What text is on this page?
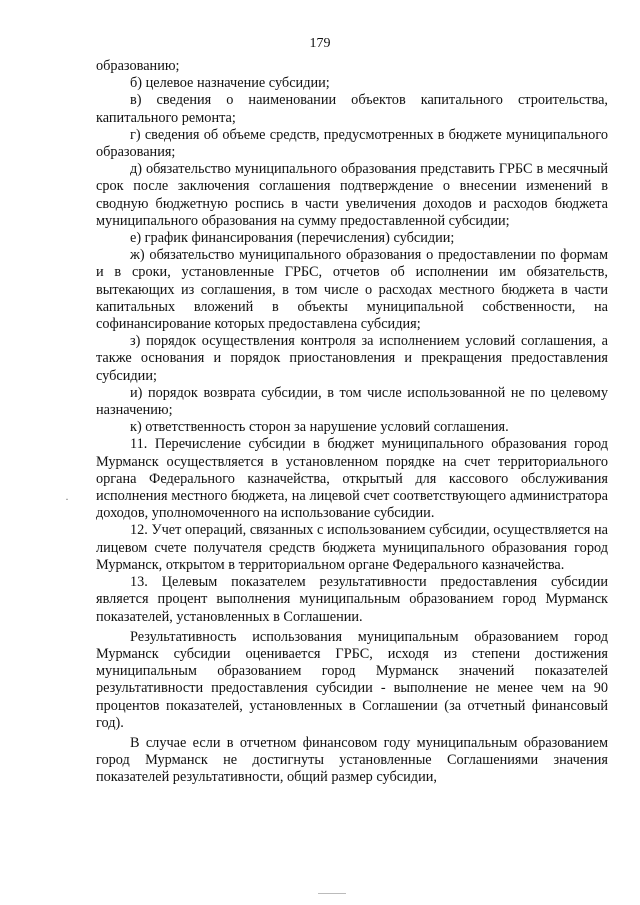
179

образованию;

б) целевое назначение субсидии;

в) сведения о наименовании объектов капитального строительства, капитального ремонта;

г) сведения об объеме средств, предусмотренных в бюджете муниципального образования;

д) обязательство муниципального образования представить ГРБС в месячный срок после заключения соглашения подтверждение о внесении изменений в сводную бюджетную роспись в части увеличения доходов и расходов бюджета муниципального образования на сумму предоставленной субсидии;

е) график финансирования (перечисления) субсидии;

ж) обязательство муниципального образования о предоставлении по формам и в сроки, установленные ГРБС, отчетов об исполнении им обязательств, вытекающих из соглашения, в том числе о расходах местного бюджета в части капитальных вложений в объекты муниципальной собственности, на софинансирование которых предоставлена субсидия;

з) порядок осуществления контроля за исполнением условий соглашения, а также основания и порядок приостановления и прекращения предоставления субсидии;

и) порядок возврата субсидии, в том числе использованной не по целевому назначению;

к) ответственность сторон за нарушение условий соглашения.

11. Перечисление субсидии в бюджет муниципального образования город Мурманск осуществляется в установленном порядке на счет территориального органа Федерального казначейства, открытый для кассового обслуживания исполнения местного бюджета, на лицевой счет соответствующего администратора доходов, уполномоченного на использование субсидии.

12. Учет операций, связанных с использованием субсидии, осуществляется на лицевом счете получателя средств бюджета муниципального образования город Мурманск, открытом в территориальном органе Федерального казначейства.

13. Целевым показателем результативности предоставления субсидии является процент выполнения муниципальным образованием город Мурманск показателей, установленных в Соглашении.

Результативность использования муниципальным образованием город Мурманск субсидии оценивается ГРБС, исходя из степени достижения муниципальным образованием город Мурманск значений показателей результативности предоставления субсидии - выполнение не менее чем на 90 процентов показателей, установленных в Соглашении (за отчетный финансовый год).

В случае если в отчетном финансовом году муниципальным образованием город Мурманск не достигнуты установленные Соглашениями значения показателей результативности, общий размер субсидии,

·
